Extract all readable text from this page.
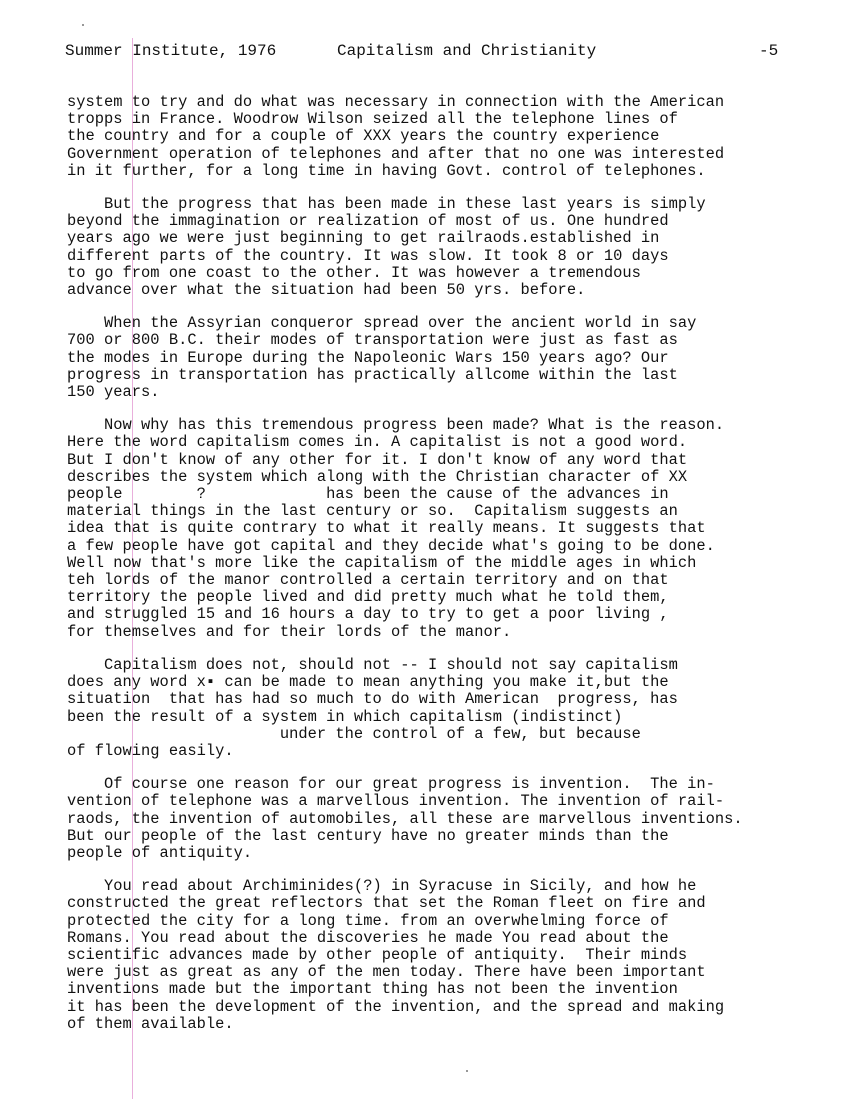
Summer Institute, 1976	Capitalism and Christianity	-5
system to try and do what was necessary in connection with the American
tropps in France. Woodrow Wilson seized all the telephone lines of
the country and for a couple of XXX years the country experience
Government operation of telephones and after that no one was interested
in it further, for a long time in having Govt. control of telephones.
But the progress that has been made in these last years is simply
beyond the immagination or realization of most of us. One hundred
years ago we were just beginning to get railraods.established in
different parts of the country. It was slow. It took 8 or 10 days
to go from one coast to the other. It was however a tremendous
advance over what the situation had been 50 yrs. before.
When the Assyrian conqueror spread over the ancient world in say
700 or 800 B.C. their modes of transportation were just as fast as
the modes in Europe during the Napoleonic Wars 150 years ago? Our
progress in transportation has practically allcome within the last
150 years.
Now why has this tremendous progress been made? What is the reason.
Here the word capitalism comes in. A capitalist is not a good word.
But I don't know of any other for it. I don't know of any word that
describes the system which along with the Christian character of XX
people        ?             has been the cause of the advances in
material things in the last century or so.  Capitalism suggests an
idea that is quite contrary to what it really means. It suggests that
a few people have got capital and they decide what's going to be done.
Well now that's more like the capitalism of the middle ages in which
teh lords of the manor controlled a certain territory and on that
territory the people lived and did pretty much what he told them,
and struggled 15 and 16 hours a day to try to get a poor living ,
for themselves and for their lords of the manor.
Capitalism does not, should not -- I should not say capitalism
does any word x▪ can be made to mean anything you make it,but the
situation  that has had so much to do with American  progress, has
been the result of a system in which capitalism (indistinct)
under the control of a few, but because
of flowing easily.
Of course one reason for our great progress is invention.  The in-
vention of telephone was a marvellous invention. The invention of rail-
raods, the invention of automobiles, all these are marvellous inventions.
But our people of the last century have no greater minds than the
people of antiquity.
You read about Archiminides(?) in Syracuse in Sicily, and how he
constructed the great reflectors that set the Roman fleet on fire and
protected the city for a long time. from an overwhelming force of
Romans. You read about the discoveries he made You read about the
scientific advances made by other people of antiquity.  Their minds
were just as great as any of the men today. There have been important
inventions made but the important thing has not been the invention
it has been the development of the invention, and the spread and making
of them available.
